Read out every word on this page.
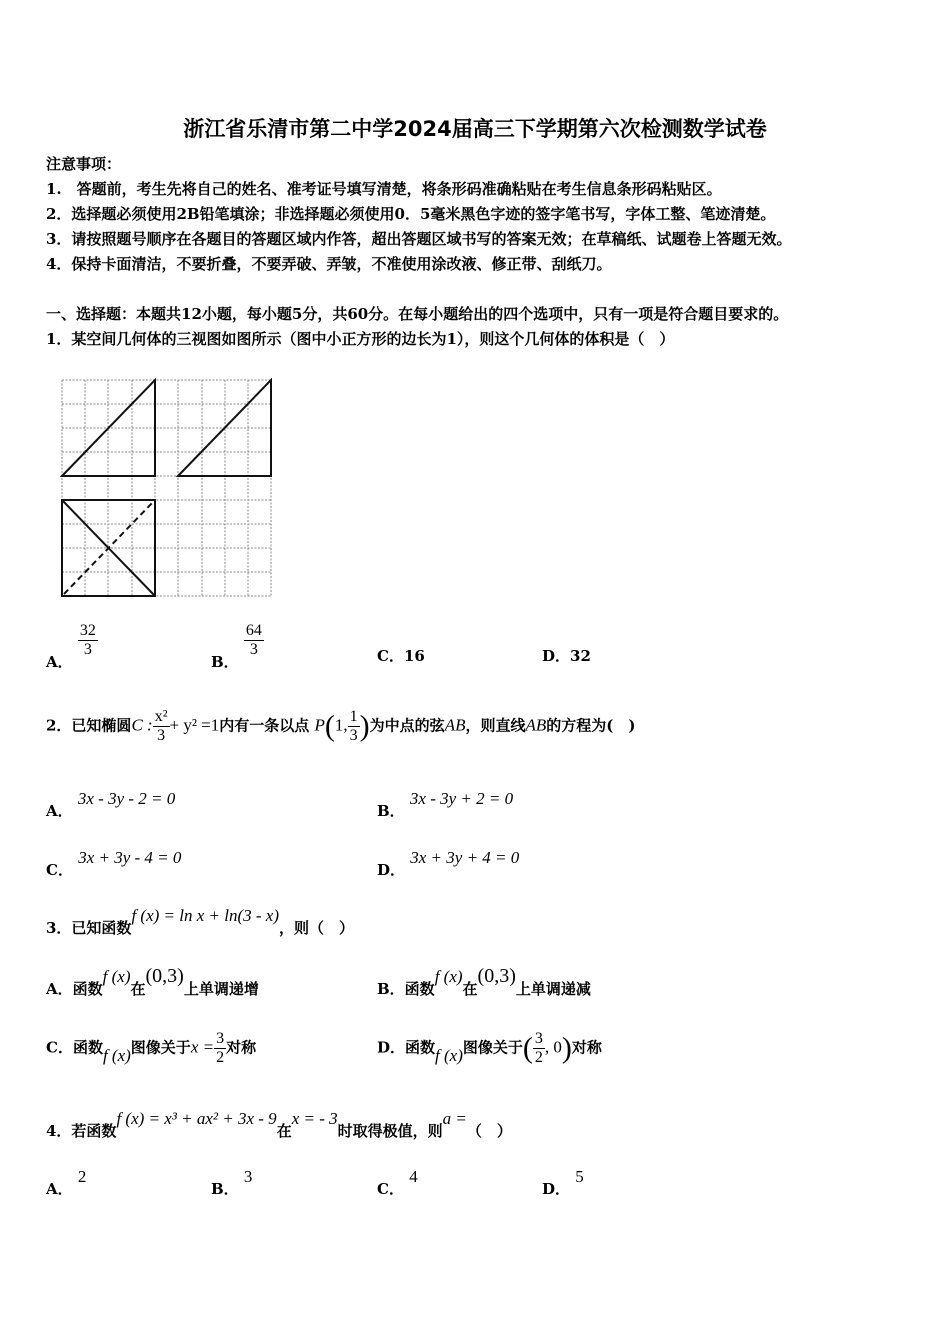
浙江省乐清市第二中学2024届高三下学期第六次检测数学试卷
注意事项：
1.　答题前，考生先将自己的姓名、准考证号填写清楚，将条形码准确粘贴在考生信息条形码粘贴区。
2．选择题必须使用2B铅笔填涂；非选择题必须使用0．5毫米黑色字迹的签字笔书写，字体工整、笔迹清楚。
3．请按照题号顺序在各题目的答题区域内作答，超出答题区域书写的答案无效；在草稿纸、试题卷上答题无效。
4．保持卡面清洁，不要折叠，不要弄破、弄皱，不准使用涂改液、修正带、刮纸刀。
一、选择题：本题共12小题，每小题5分，共60分。在每小题给出的四个选项中，只有一项是符合题目要求的。
1．某空间几何体的三视图如图所示（图中小正方形的边长为1），则这个几何体的体积是（　）
A．
$\frac{32}{3}$
B．
$\frac{64}{3}$	C．16	D．32
2．已知椭圆C : $\frac{\text{x²}}{3} + y^2 =1$内有一条以点 P(1, $\frac{1}{3}$ )为中点的弦AB，则直线AB的方程为(　)
A． 3x - 3y - 2 = 0
B． 3x - 3y + 2 = 0
C． 3x + 3y - 4 = 0
D． 3x + 3y + 4 = 0
3．已知函数f (x) = ln x + ln(3 - x)，则（　）
A．函数f (x)在(0,3)上单调递增	B．函数f (x)在(0,3)上单调递减
C．函数f (x)图像关于$x = \frac{3}{2}$ 对称	D．函数f (x)图像关于( $\frac{3}{2}$ , 0)对称
4．若函数f (x) = x³ + ax² + 3x - 9在x = - 3时取得极值，则a =（　）
A． 2
B． 3
C． 4
D． 5
